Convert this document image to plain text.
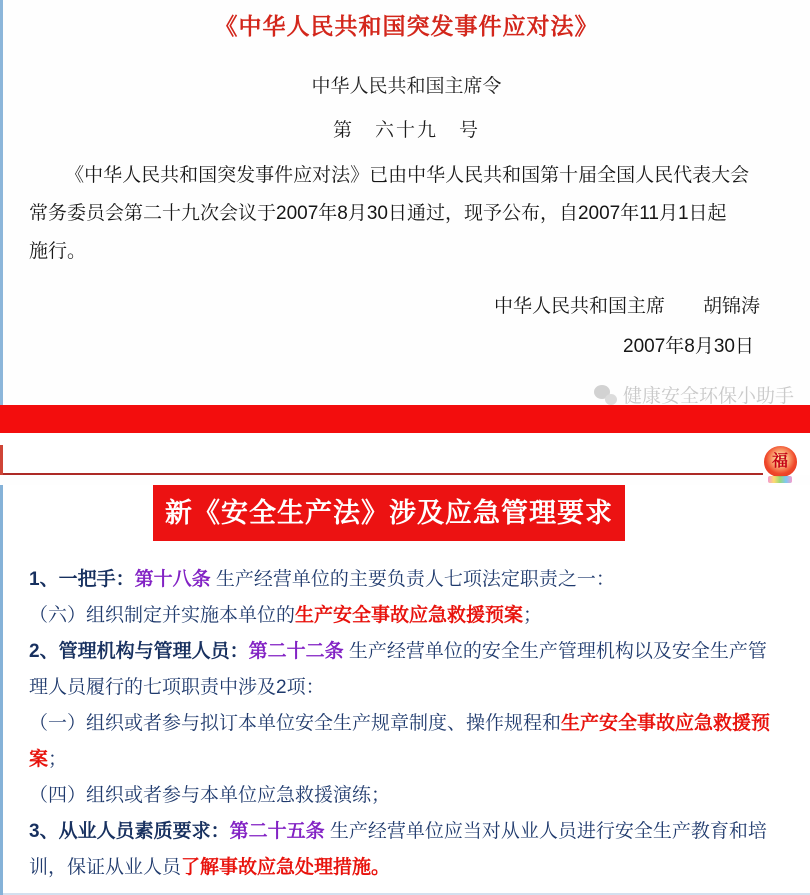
《中华人民共和国突发事件应对法》
中华人民共和国主席令
第　六十九　号
《中华人民共和国突发事件应对法》已由中华人民共和国第十届全国人民代表大会
常务委员会第二十九次会议于2007年8月30日通过，现予公布，自2007年11月1日起
施行。
中华人民共和国主席　　胡锦涛
2007年8月30日
健康安全环保小助手
福
新《安全生产法》涉及应急管理要求
1、一把手：第十八条 生产经营单位的主要负责人七项法定职责之一：
（六）组织制定并实施本单位的生产安全事故应急救援预案；
2、管理机构与管理人员：第二十二条 生产经营单位的安全生产管理机构以及安全生产管
理人员履行的七项职责中涉及2项：
（一）组织或者参与拟订本单位安全生产规章制度、操作规程和生产安全事故应急救援预
案；
（四）组织或者参与本单位应急救援演练；
3、从业人员素质要求：第二十五条 生产经营单位应当对从业人员进行安全生产教育和培
训，保证从业人员了解事故应急处理措施。
